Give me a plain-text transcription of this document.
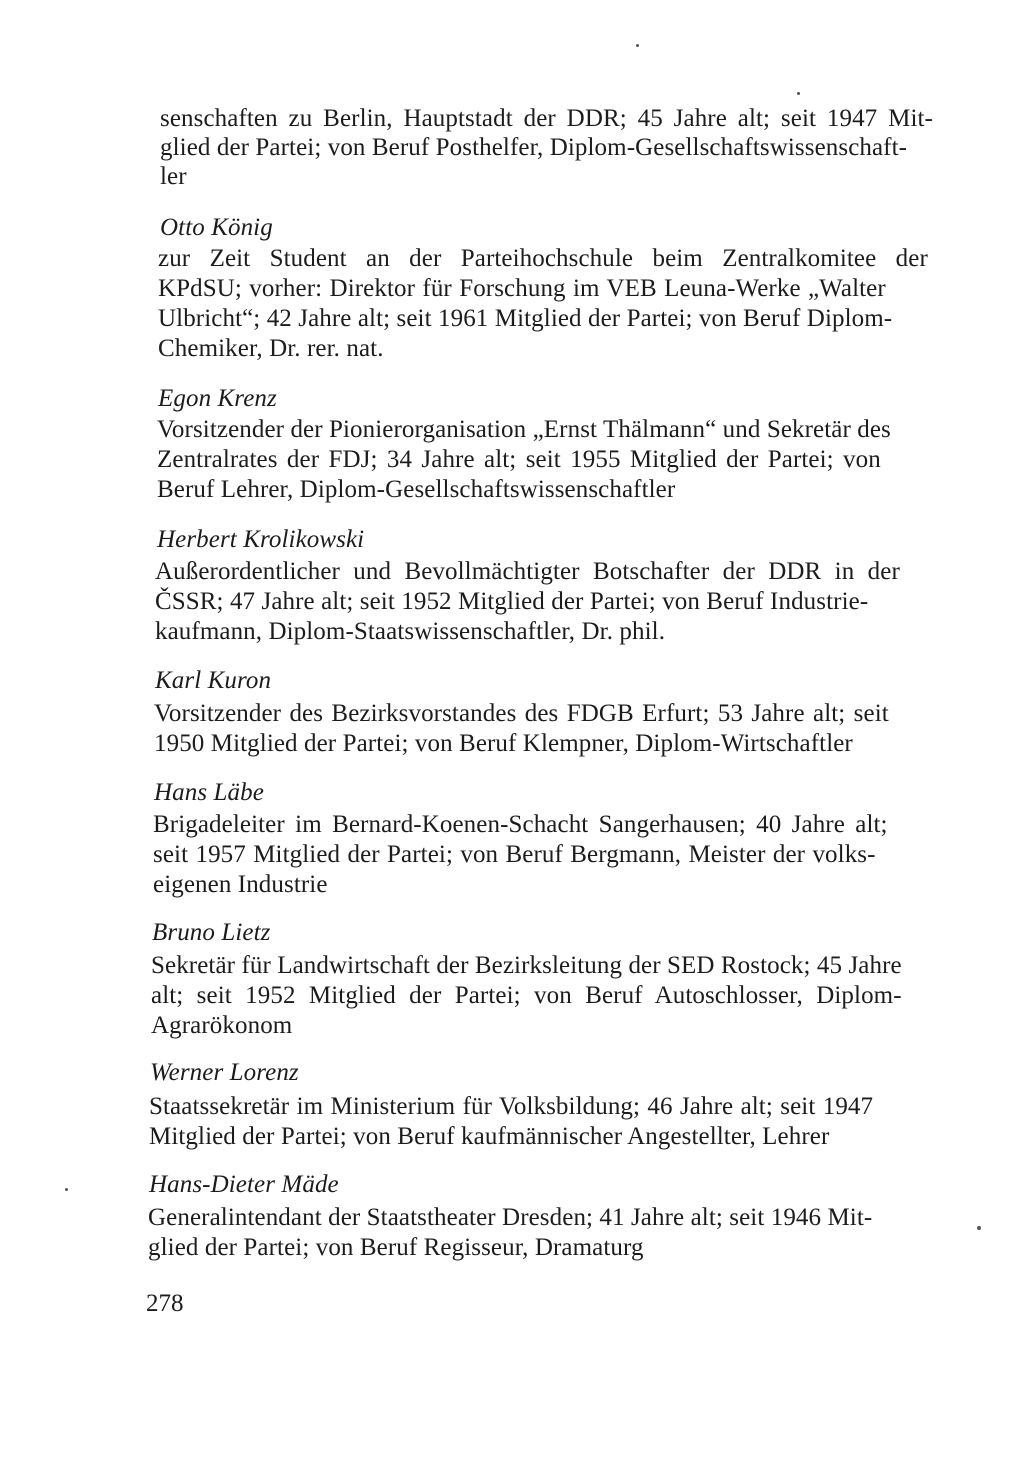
senschaften zu Berlin, Hauptstadt der DDR; 45 Jahre alt; seit 1947 Mit-
glied der Partei; von Beruf Posthelfer, Diplom-Gesellschaftswissenschaft-
ler
Otto König
zur Zeit Student an der Parteihochschule beim Zentralkomitee der
KPdSU; vorher: Direktor für Forschung im VEB Leuna-Werke „Walter
Ulbricht“; 42 Jahre alt; seit 1961 Mitglied der Partei; von Beruf Diplom-
Chemiker, Dr. rer. nat.
Egon Krenz
Vorsitzender der Pionierorganisation „Ernst Thälmann“ und Sekretär des
Zentralrates der FDJ; 34 Jahre alt; seit 1955 Mitglied der Partei; von
Beruf Lehrer, Diplom-Gesellschaftswissenschaftler
Herbert Krolikowski
Außerordentlicher und Bevollmächtigter Botschafter der DDR in der
ČSSR; 47 Jahre alt; seit 1952 Mitglied der Partei; von Beruf Industrie-
kaufmann, Diplom-Staatswissenschaftler, Dr. phil.
Karl Kuron
Vorsitzender des Bezirksvorstandes des FDGB Erfurt; 53 Jahre alt; seit
1950 Mitglied der Partei; von Beruf Klempner, Diplom-Wirtschaftler
Hans Läbe
Brigadeleiter im Bernard-Koenen-Schacht Sangerhausen; 40 Jahre alt;
seit 1957 Mitglied der Partei; von Beruf Bergmann, Meister der volks-
eigenen Industrie
Bruno Lietz
Sekretär für Landwirtschaft der Bezirksleitung der SED Rostock; 45 Jahre
alt; seit 1952 Mitglied der Partei; von Beruf Autoschlosser, Diplom-
Agrarökonom
Werner Lorenz
Staatssekretär im Ministerium für Volksbildung; 46 Jahre alt; seit 1947
Mitglied der Partei; von Beruf kaufmännischer Angestellter, Lehrer
Hans-Dieter Mäde
Generalintendant der Staatstheater Dresden; 41 Jahre alt; seit 1946 Mit-
glied der Partei; von Beruf Regisseur, Dramaturg
278
